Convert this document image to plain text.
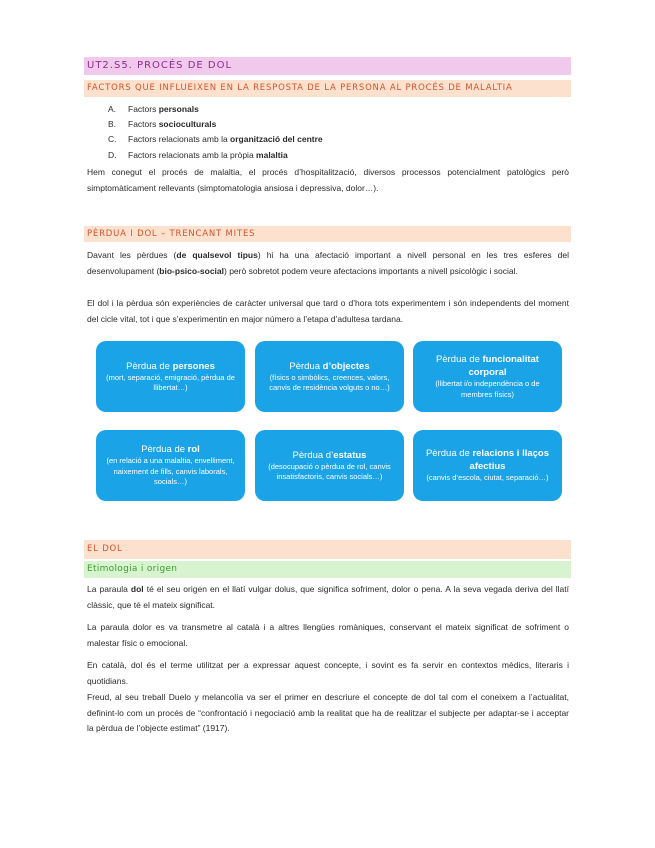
UT2.S5. PROCÉS DE DOL
FACTORS QUE INFLUEIXEN EN LA RESPOSTA DE LA PERSONA AL PROCÉS DE MALALTIA
A. Factors personals
B. Factors socioculturals
C. Factors relacionats amb la organització del centre
D. Factors relacionats amb la pròpia malaltia

Hem conegut el procés de malaltia, el procés d’hospitalització, diversos processos potencialment patològics però simptomàticament rellevants (simptomatologia ansiosa i depressiva, dolor…).

PÈRDUA I DOL – TRENCANT MITES

Davant les pèrdues (de qualsevol tipus) hi ha una afectació important a nivell personal en les tres esferes del desenvolupament (bio-psico-social) però sobretot podem veure afectacions importants a nivell psicològic i social.

El dol i la pèrdua són experiències de caràcter universal que tard o d’hora tots experimentem i són independents del moment del cicle vital, tot i que s’experimentin en major número a l’etapa d’adultesa tardana.

Pèrdua de persones
(mort, separació, emigració, pèrdua de llibertat…)
Pèrdua d’objectes
(físics o simbòlics, creences, valors, canvis de residència volguts o no…)
Pèrdua de funcionalitat corporal
(llibertat i/o independència o de membres físics)
Pèrdua de rol
(en relació a una malaltia, envelliment, naixement de fills, canvis laborals, socials…)
Pèrdua d’estatus
(desocupació o pèrdua de rol, canvis insatisfactoris, canvis socials…)
Pèrdua de relacions i llaços afectius
(canvis d’escola, ciutat, separació…)
EL DOL
Etimologia i origen

La paraula dol té el seu origen en el llatí vulgar dolus, que significa sofriment, dolor o pena. A la seva vegada deriva del llatí clàssic, que té el mateix significat.

La paraula dolor es va transmetre al català i a altres llengües romàniques, conservant el mateix significat de sofriment o malestar físic o emocional.

En català, dol és el terme utilitzat per a expressar aquest concepte, i sovint es fa servir en contextos mèdics, literaris i quotidians.

Freud, al seu treball Duelo y melancolía va ser el primer en descriure el concepte de dol tal com el coneixem a l’actualitat, definint-lo com un procés de “confrontació i negociació amb la realitat que ha de realitzar el subjecte per adaptar-se i acceptar la pèrdua de l’objecte estimat” (1917).
